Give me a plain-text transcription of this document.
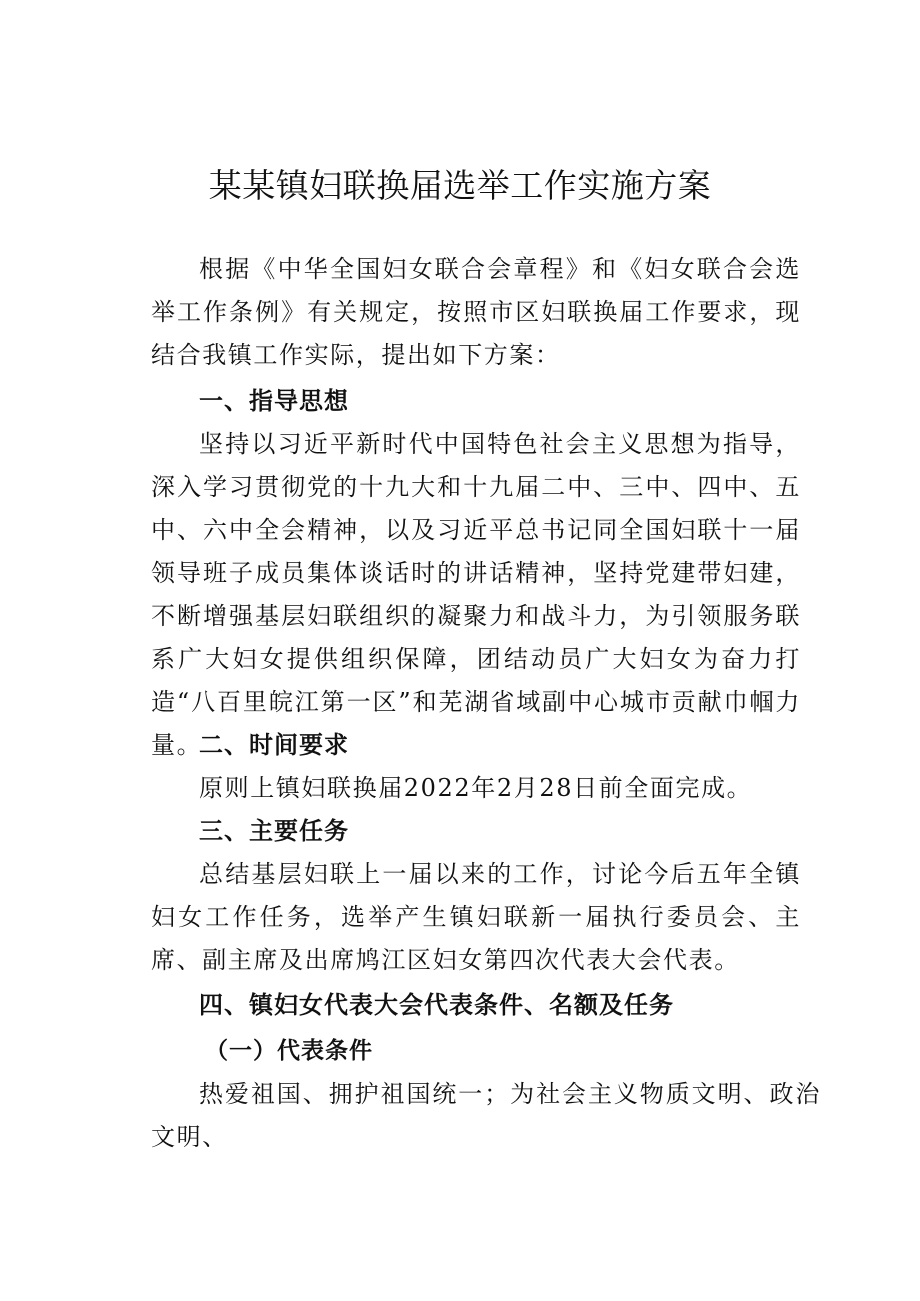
某某镇妇联换届选举工作实施方案

根据《中华全国妇女联合会章程》和《妇女联合会选举工作条例》有关规定，按照市区妇联换届工作要求，现结合我镇工作实际，提出如下方案：

一、指导思想

坚持以习近平新时代中国特色社会主义思想为指导，深入学习贯彻党的十九大和十九届二中、三中、四中、五中、六中全会精神，以及习近平总书记同全国妇联十一届领导班子成员集体谈话时的讲话精神，坚持党建带妇建，不断增强基层妇联组织的凝聚力和战斗力，为引领服务联系广大妇女提供组织保障，团结动员广大妇女为奋力打造“八百里皖江第一区”和芜湖省域副中心城市贡献巾帼力量。

二、时间要求

原则上镇妇联换届2022年2月28日前全面完成。

三、主要任务

总结基层妇联上一届以来的工作，讨论今后五年全镇妇女工作任务，选举产生镇妇联新一届执行委员会、主席、副主席及出席鸠江区妇女第四次代表大会代表。

四、镇妇女代表大会代表条件、名额及任务
（一）代表条件

热爱祖国、拥护祖国统一；为社会主义物质文明、政治文明、
